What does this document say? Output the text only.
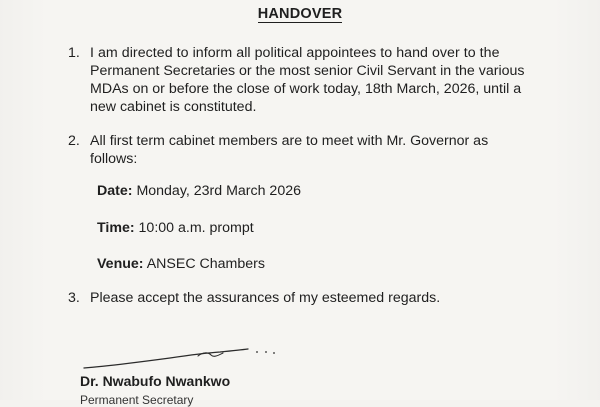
HANDOVER
1. I am directed to inform all political appointees to hand over to the
Permanent Secretaries or the most senior Civil Servant in the various
MDAs on or before the close of work today, 18th March, 2026, until a
new cabinet is constituted.
2. All first term cabinet members are to meet with Mr. Governor as
follows:
Date: Monday, 23rd March 2026
Time: 10:00 a.m. prompt
Venue: ANSEC Chambers
3. Please accept the assurances of my esteemed regards.
Dr. Nwabufo Nwankwo
Permanent Secretary
